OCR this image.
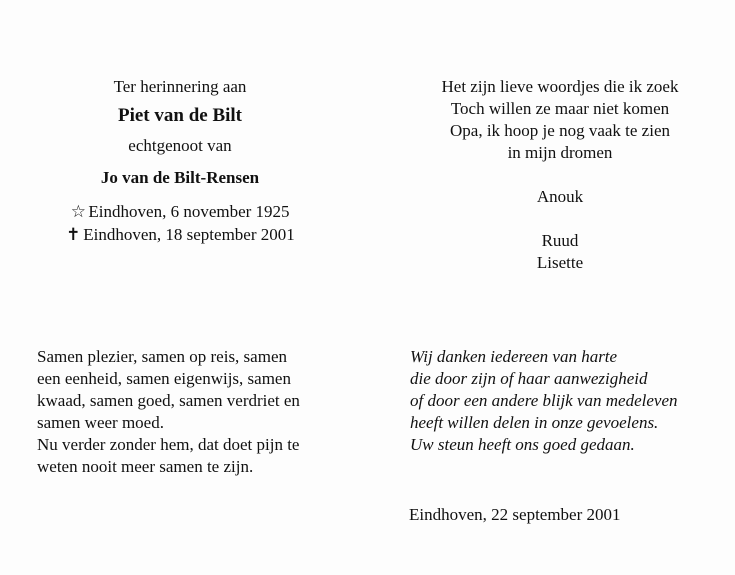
Ter herinnering aan
Piet van de Bilt
echtgenoot van
Jo van de Bilt-Rensen
☆ Eindhoven, 6 november 1925
✝ Eindhoven, 18 september 2001
Het zijn lieve woordjes die ik zoek
Toch willen ze maar niet komen
Opa, ik hoop je nog vaak te zien
in mijn dromen
Anouk
Ruud
Lisette
Samen plezier, samen op reis, samen
een eenheid, samen eigenwijs, samen
kwaad, samen goed, samen verdriet en
samen weer moed.
Nu verder zonder hem, dat doet pijn te
weten nooit meer samen te zijn.
Wij danken iedereen van harte
die door zijn of haar aanwezigheid
of door een andere blijk van medeleven
heeft willen delen in onze gevoelens.
Uw steun heeft ons goed gedaan.
Eindhoven, 22 september 2001
